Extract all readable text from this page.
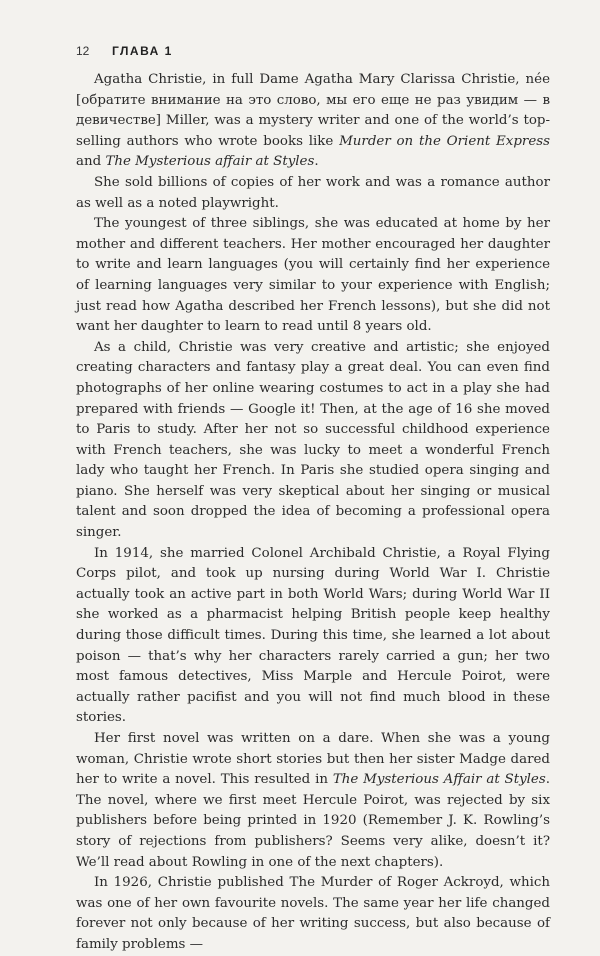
12	ГЛАВА 1

Agatha Christie, in full Dame Agatha Mary Clarissa Christie, née [обратите внимание на это слово, мы его еще не раз увидим — в девичестве] Miller, was a mystery writer and one of the world’s top-selling authors who wrote books like Murder on the Orient Express and The Mysterious affair at Styles.

She sold billions of copies of her work and was a romance author as well as a noted playwright.

The youngest of three siblings, she was educated at home by her mother and different teachers. Her mother encouraged her daughter to write and learn languages (you will certainly find her experience of learning languages very similar to your experience with English; just read how Agatha described her French lessons), but she did not want her daughter to learn to read until 8 years old.

As a child, Christie was very creative and artistic; she enjoyed creating characters and fantasy play a great deal. You can even find photographs of her online wearing costumes to act in a play she had prepared with friends — Google it! Then, at the age of 16 she moved to Paris to study. After her not so successful childhood experience with French teachers, she was lucky to meet a wonderful French lady who taught her French. In Paris she studied opera singing and piano. She herself was very skeptical about her singing or musical talent and soon dropped the idea of becoming a professional opera singer.

In 1914, she married Colonel Archibald Christie, a Royal Flying Corps pilot, and took up nursing during World War I. Christie actually took an active part in both World Wars; during World War II she worked as a pharmacist helping British people keep healthy during those difficult times. During this time, she learned a lot about poison — that’s why her characters rarely carried a gun; her two most famous detectives, Miss Marple and Hercule Poirot, were actually rather pacifist and you will not find much blood in these stories.

Her first novel was written on a dare. When she was a young woman, Christie wrote short stories but then her sister Madge dared her to write a novel. This resulted in The Mysterious Affair at Styles. The novel, where we first meet Hercule Poirot, was rejected by six publishers before being printed in 1920 (Remember J. K. Rowling’s story of rejections from publishers? Seems very alike, doesn’t it? We’ll read about Rowling in one of the next chapters).

In 1926, Christie published The Murder of Roger Ackroyd, which was one of her own favourite novels. The same year her life changed forever not only because of her writing success, but also because of family problems —
